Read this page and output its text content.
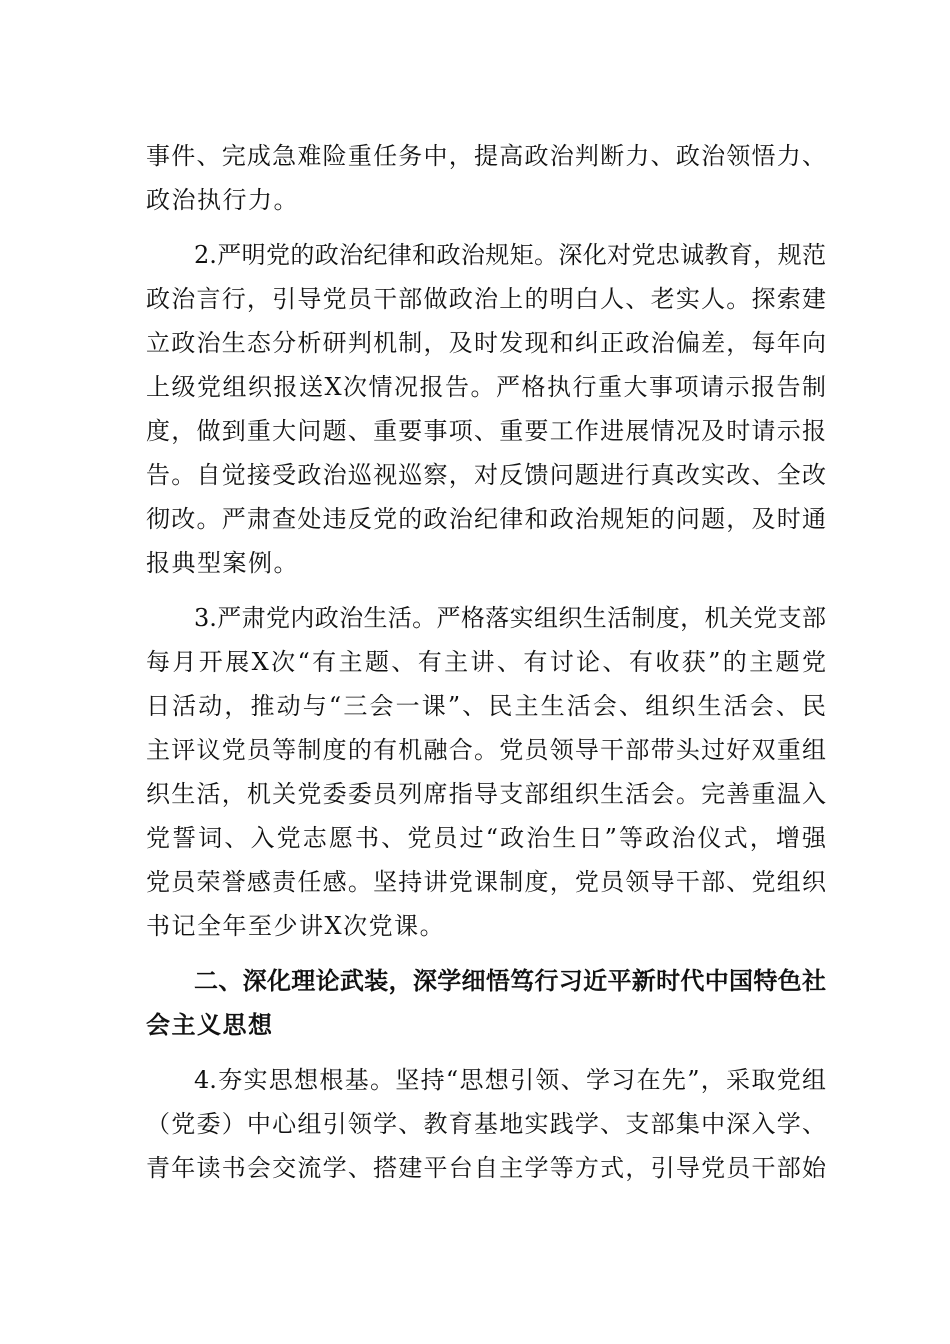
事件、完成急难险重任务中，提高政治判断力、政治领悟力、
政治执行力。
2.严明党的政治纪律和政治规矩。深化对党忠诚教育，规范
政治言行，引导党员干部做政治上的明白人、老实人。探索建
立政治生态分析研判机制，及时发现和纠正政治偏差，每年向
上级党组织报送X次情况报告。严格执行重大事项请示报告制
度，做到重大问题、重要事项、重要工作进展情况及时请示报
告。自觉接受政治巡视巡察，对反馈问题进行真改实改、全改
彻改。严肃查处违反党的政治纪律和政治规矩的问题，及时通
报典型案例。
3.严肃党内政治生活。严格落实组织生活制度，机关党支部
每月开展X次“有主题、有主讲、有讨论、有收获”的主题党
日活动，推动与“三会一课”、民主生活会、组织生活会、民
主评议党员等制度的有机融合。党员领导干部带头过好双重组
织生活，机关党委委员列席指导支部组织生活会。完善重温入
党誓词、入党志愿书、党员过“政治生日”等政治仪式，增强
党员荣誉感责任感。坚持讲党课制度，党员领导干部、党组织
书记全年至少讲X次党课。
二、深化理论武装，深学细悟笃行习近平新时代中国特色社
会主义思想
4.夯实思想根基。坚持“思想引领、学习在先”，采取党组
（党委）中心组引领学、教育基地实践学、支部集中深入学、
青年读书会交流学、搭建平台自主学等方式，引导党员干部始
